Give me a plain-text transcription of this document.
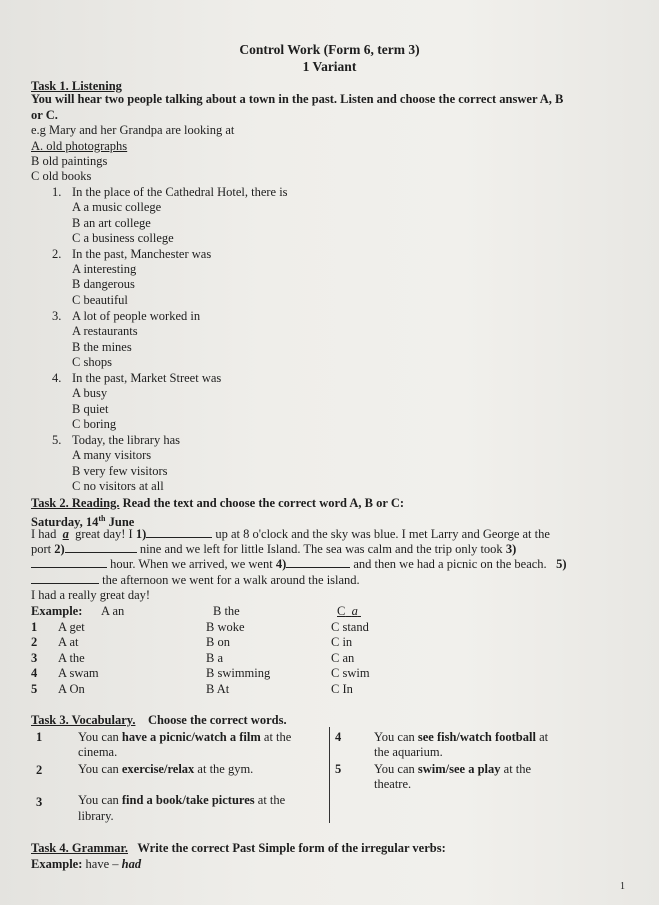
Control Work (Form 6, term 3)
1 Variant
Task 1. Listening
You will hear two people talking about a town in the past. Listen and choose the correct answer A, B
or C.
e.g Mary and her Grandpa are looking at
A. old photographs
B old paintings
C old books
1. In the place of the Cathedral Hotel, there is
A a music college
B an art college
C a business college
2. In the past, Manchester was
A interesting
B dangerous
C beautiful
3. A lot of people worked in
A restaurants
B the mines
C shops
4. In the past, Market Street was
A busy
B quiet
C boring
5. Today, the library has
A many visitors
B very few visitors
C no visitors at all
Task 2. Reading. Read the text and choose the correct word A, B or C:
Saturday, 14th June
I had a great day! I 1)	up at 8 o'clock and the sky was blue. I met Larry and George at the
port 2)	nine and we left for little Island. The sea was calm and the trip only took 3)
hour. When we arrived, we went 4)	and then we had a picnic on the beach. 5)
the afternoon we went for a walk around the island.
I had a really great day!
Example: A an	B the	C a
1 A get	B woke	C stand
2 A at	B on	C in
3 A the	B a	C an
4 A swam	B swimming	C swim
5 A On	B At	C In
Task 3. Vocabulary. Choose the correct words.
1	You can have a picnic/watch a film at the
cinema.
2	You can exercise/relax at the gym.
3	You can find a book/take pictures at the
library.
4	You can see fish/watch football at
the aquarium.
5	You can swim/see a play at the
theatre.
Task 4. Grammar. Write the correct Past Simple form of the irregular verbs:
Example: have – had
1
